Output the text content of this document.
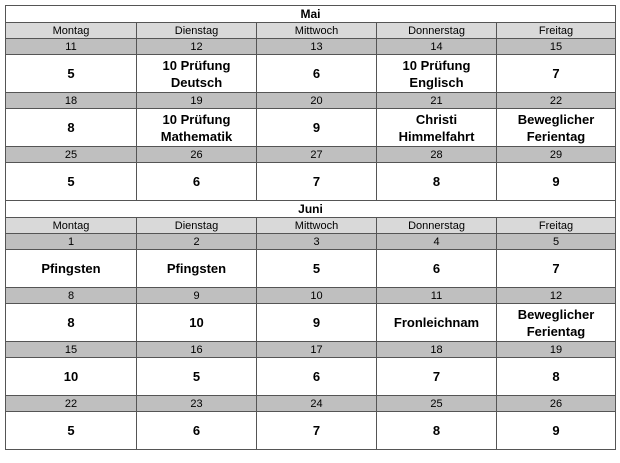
Mai				
Montag	Dienstag	Mittwoch	Donnerstag	Freitag
11	12	13	14	15
5	10 Prüfung Deutsch	6	10 Prüfung Englisch	7
18	19	20	21	22
8	10 Prüfung Mathematik	9	Christi Himmelfahrt	Beweglicher Ferientag
25	26	27	28	29
5	6	7	8	9
Juni				
Montag	Dienstag	Mittwoch	Donnerstag	Freitag
1	2	3	4	5
Pfingsten	Pfingsten	5	6	7
8	9	10	11	12
8	10	9	Fronleichnam	Beweglicher Ferientag
15	16	17	18	19
10	5	6	7	8
22	23	24	25	26
5	6	7	8	9
